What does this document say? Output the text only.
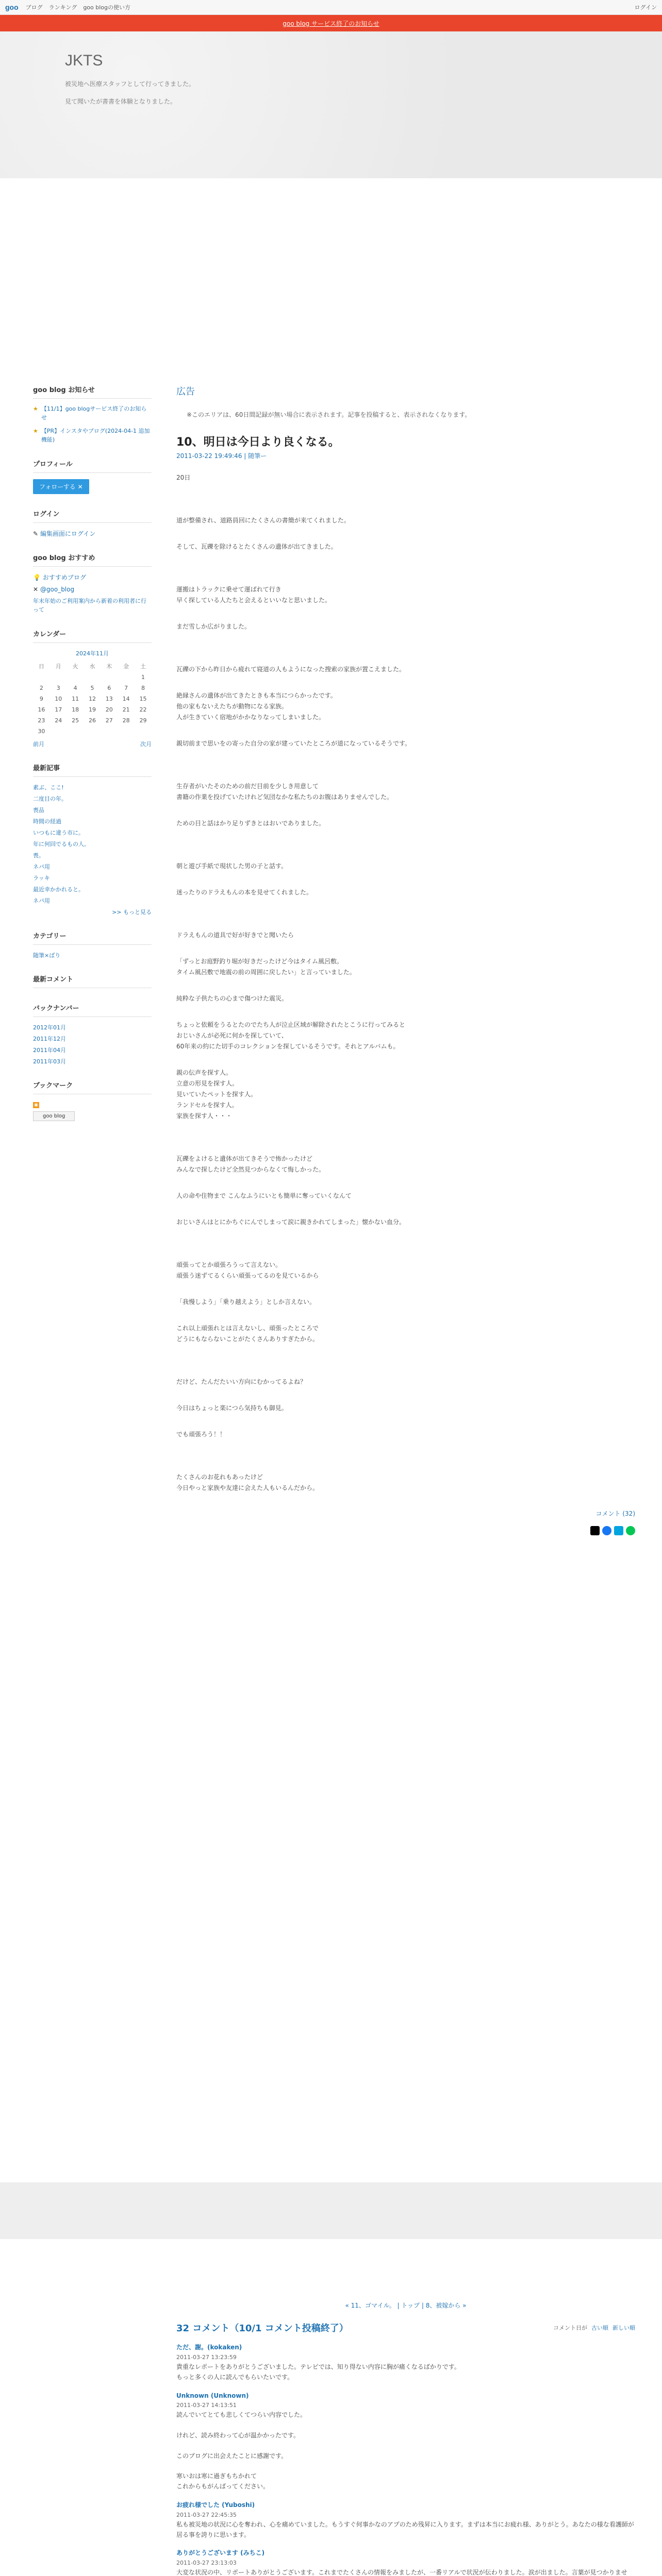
goo ブログ ランキング goo blogの使い方	ログイン
goo blog サービス終了のお知らせ
JKTS

被災地へ医療スタッフとして行ってきました。

見て聞いたが書書を体験となりました。

goo blog お知らせ
★ 【11/1】goo blogサービス終了のお知らせ
★ 【PR】インスタやブログ(2024-04-1 追加機能)
プロフィール
フォローする ✕
ログイン
✎ 編集画面にログイン
goo blog おすすめ
💡 おすすめブログ
✕ @goo_blog
年末年始のご利用案内から新着の利用者に行って
カレンダー
2024年11月
日	月	火	水	木	金	土
						1
2	3	4	5	6	7	8
9	10	11	12	13	14	15
16	17	18	19	20	21	22
23	24	25	26	27	28	29
30						
前月	次月
最新記事
素ぶ、ここ!
二度目の年。
喪品
時間の経過
いつもに違う市に。
年に何回でるもの人。
喪。
ネパ用
ラッキ
最近幸かかれると。
ネパ用
>> もっと見る
カテゴリー
随筆×ばり
最新コメント
バックナンバー
2012年01月
2011年12月
2011年04月
2011年03月
ブックマーク
◉
goo blog
広告
※このエリアは、60日間記録が無い場合に表示されます。記事を投稿すると、表示されなくなります。
10、明日は今日より良くなる。
2011-03-22 19:49:46 | 随筆ー
20日
道が整備され、道路員回にたくさんの書簡が来てくれました。
そして、瓦礫を除けるとたくさんの遺体が出てきました。
運搬はトラックに乗せて運ばれて行き
早く探している人たちと会えるといいなと思いました。
まだ雪しか広がりました。
瓦礫の下から昨日から疲れて寝道の人もようになった搜索の家族が置こえました。
絶縁さんの遺体が出てきたときも本当につらかったです。
他の家もないえたちが動物になる家族。
人が生きていく宿地がかかなりなってしまいました。
親切前まで思いをの寄った自分の家が建っていたところが道になっているそうです。
生存者がいたそのための前だ目前を少しき用意して
書籍の作業を投げていたけれど気団なかな私たちのお腹はありませんでした。
ための目と話はかり足りずきとはおいでありました。
朝と遊び手紙で現状した男の子と話す。
迷ったりのドラえもんの本を見せてくれました。
ドラえもんの道具で好が好きでと聞いたら
「ずっとお庭野釣り堀が好きだったけど今はタイム風呂敷。
タイム風呂敷で地震の前の周囲に戻したい」と言っていました。
純粋な子供たちの心まで傷つけた震災。
ちょっと依頼をうるとたのでたち人が泣止区域が解除されたとこうに行ってみると
おじいさんが必死に何かを探していて、
60年来の約にた切手のコレクションを探しているそうです。それとアルバムも。
親の伝声を探す人。
立意の形見を探す人。
見いていたペットを探す人。
ランドセルを探す人。
家族を探す人・・・
瓦礫をよけると遺体が出てきそうで怖かったけど
みんなで探したけど全然見つからなくて悔しかった。
人の命や住物まで こんなふうにいとも簡単に奪っていくなんて
おじいさんはとにかちぐにんでしまって涙に親きかれてしまった」懐かない血分。
頑張ってとか頑張ろうって言えない。
頑張う迷ずてるくらい頑張ってるのを見ているから
「我慢しよう」「乗り越えよう」としか言えない。
これ以上頑張れとは言えないし、頑張ったところで
どうにもならないことがたくさんありすぎたから。
だけど、たんだたいい方向にむかってるよね？
今日はちょっと楽につら気持ちも御見。
でも頑張ろう！！
たくさんのお花れもあったけど
今日やっと家族や友達に会えた人もいるんだから。
コメント (32)
« 11、ゴマイル。 | トップ | 8、被嫁から »
32 コメント（10/1 コメント投稿終了）	コメント日が 古い順 新しい順
ただ、謝。(kokaken)
2011-03-27 13:23:59
貴重なレポートをありがとうございました。テレビでは、知り得ない内容に胸が痛くなるばかりです。
もっと多くの人に読んでもらいたいです。
Unknown (Unknown)
2011-03-27 14:13:51
読んでいてとても悲しくてつらい内容でした。

けれど、読み終わって心が温かかったです。

このブログに出会えたことに感謝です。

寒いおは寒に過ぎもちかれて
これからもがんばってください。
お疲れ様でした (Yuboshi)
2011-03-27 22:45:35
私も被災地の状況に心を奪われ、心を痛めていました。もうすぐ何事かなのアプのため残昇に入ります。まずは本当にお疲れ様、ありがとう。あなたの様な看護師が居る事を誇りに思います。
ありがとうございます (みちこ)
2011-03-27 23:13:03
大変な状況の中、リポートありがとうございます。これまでたくさんの情報をみましたが、一番リアルで状況が伝わりました。涙が出ました。言葉が見つかりませ
